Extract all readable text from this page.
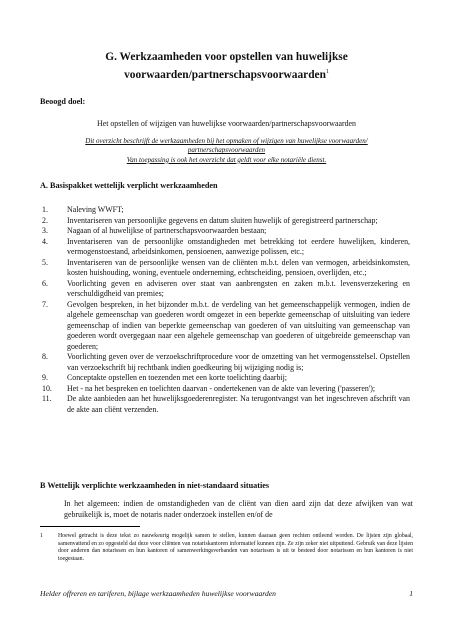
G. Werkzaamheden voor opstellen van huwelijkse
voorwaarden/partnerschapsvoorwaarden$^1$
Beoogd doel:
Het opstellen of wijzigen van huwelijkse voorwaarden/partnerschapsvoorwaarden
Dit overzicht beschrijft de werkzaamheden bij het opmaken of wijzigen van huwelijkse voorwaarden/
partnerschapsvoorwaarden
Van toepassing is ook het overzicht dat geldt voor elke notariële dienst.
A. Basispakket wettelijk verplicht werkzaamheden
1.	Naleving WWFT;
2.	Inventariseren van persoonlijke gegevens en datum sluiten huwelijk of geregistreerd partnerschap;
3.	Nagaan of al huwelijkse of partnerschapsvoorwaarden bestaan;
4.	Inventariseren van de persoonlijke omstandigheden met betrekking tot eerdere huwelijken, kinderen, vermogenstoestand, arbeidsinkomen, pensioenen, aanwezige polissen, etc.;
5.	Inventariseren van de persoonlijke wensen van de cliënten m.b.t. delen van vermogen, arbeidsinkomsten, kosten huishouding, woning, eventuele onderneming, echtscheiding, pensioen, overlijden, etc.;
6.	Voorlichting geven en adviseren over staat van aanbrengsten en zaken m.b.t. levensverzekering en verschuldigdheid van premies;
7.	Gevolgen bespreken, in het bijzonder m.b.t. de verdeling van het gemeenschappelijk vermogen, indien de algehele gemeenschap van goederen wordt omgezet in een beperkte gemeenschap of uitsluiting van iedere gemeenschap of indien van beperkte gemeenschap van goederen of van uitsluiting van gemeenschap van goederen wordt overgegaan naar een algehele gemeenschap van goederen of uitgebreide gemeenschap van goederen;
8.	Voorlichting geven over de verzoekschriftprocedure voor de omzetting van het vermogensstelsel. Opstellen van verzoekschrift bij rechtbank indien goedkeuring bij wijziging nodig is;
9.	Conceptakte opstellen en toezenden met een korte toelichting daarbij;
10.	Het - na het bespreken en toelichten daarvan - ondertekenen van de akte van levering ('passeren');
11.	De akte aanbieden aan het huwelijksgoederenregister. Na terugontvangst van het ingeschreven afschrift van de akte aan cliënt verzenden.
B Wettelijk verplichte werkzaamheden in niet-standaard situaties
In het algemeen: indien de omstandigheden van de cliënt van dien aard zijn dat deze afwijken van wat gebruikelijk is, moet de notaris nader onderzoek instellen en/of de
1	Hoewel getracht is deze tekst zo nauwkeurig mogelijk samen te stellen, kunnen daaraan geen rechten ontleend worden. De lijsten zijn globaal, samenvattend en zo opgesteld dat deze voor cliënten van notariskantoren informatief kunnen zijn. Ze zijn zeker niet uitputtend. Gebruik van deze lijsten door anderen dan notarissen en hun kantoren of samenwerkingsverbanden van notarissen is uit te besteed door notarissen en hun kantoren is niet toegestaan.
Helder offreren en tariferen, bijlage werkzaamheden huwelijkse voorwaarden	1
